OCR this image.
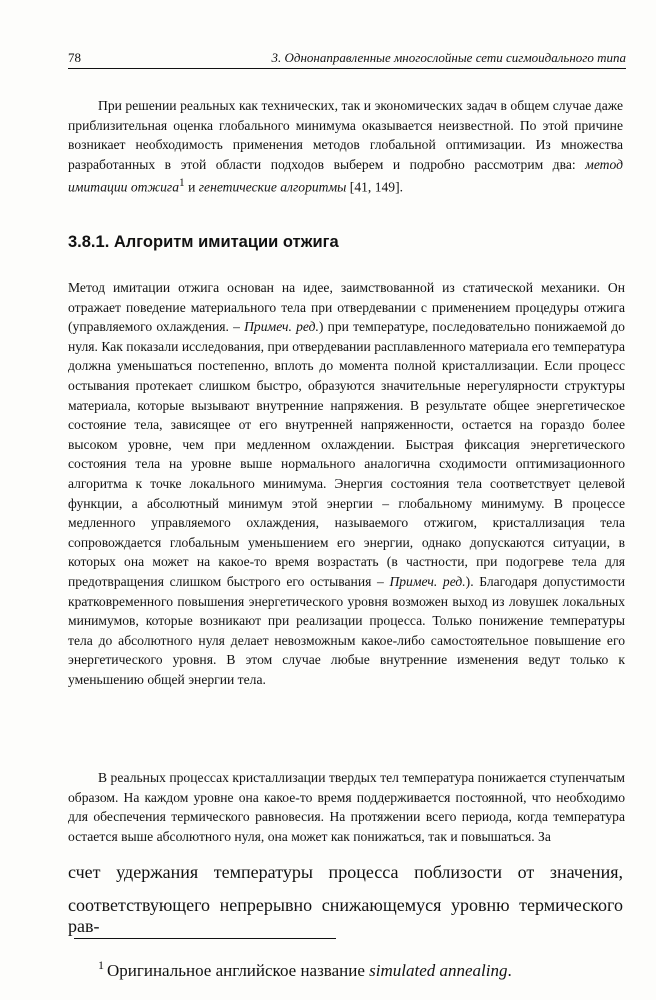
78	3. Однонаправленные многослойные сети сигмоидального типа

При решении реальных как технических, так и экономических задач в общем случае даже приблизительная оценка глобального минимума оказывается неизвестной. По этой причине возникает необходимость применения методов глобальной оптимизации. Из множества разработанных в этой области подходов выберем и подробно рассмотрим два: метод имитации отжига$^1$ и генетические алгоритмы [41, 149].

3.8.1. Алгоритм имитации отжига

Метод имитации отжига основан на идее, заимствованной из статической механики. Он отражает поведение материального тела при отвердевании с применением процедуры отжига (управляемого охлаждения. – Примеч. ред.) при температуре, последовательно понижаемой до нуля. Как показали исследования, при отвердевании расплавленного материала его температура должна уменьшаться постепенно, вплоть до момента полной кристаллизации. Если процесс остывания протекает слишком быстро, образуются значительные нерегулярности структуры материала, которые вызывают внутренние напряжения. В результате общее энергетическое состояние тела, зависящее от его внутренней напряженности, остается на гораздо более высоком уровне, чем при медленном охлаждении. Быстрая фиксация энергетического состояния тела на уровне выше нормального аналогична сходимости оптимизационного алгоритма к точке локального минимума. Энергия состояния тела соответствует целевой функции, а абсолютный минимум этой энергии – глобальному минимуму. В процессе медленного управляемого охлаждения, называемого отжигом, кристаллизация тела сопровождается глобальным уменьшением его энергии, однако допускаются ситуации, в которых она может на какое-то время возрастать (в частности, при подогреве тела для предотвращения слишком быстрого его остывания – Примеч. ред.). Благодаря допустимости кратковременного повышения энергетического уровня возможен выход из ловушек локальных минимумов, которые возникают при реализации процесса. Только понижение температуры тела до абсолютного нуля делает невозможным какое-либо самостоятельное повышение его энергетического уровня. В этом случае любые внутренние изменения ведут только к уменьшению общей энергии тела.

В реальных процессах кристаллизации твердых тел температура понижается ступенчатым образом. На каждом уровне она какое-то время поддерживается постоянной, что необходимо для обеспечения термического равновесия. На протяжении всего периода, когда температура остается выше абсолютного нуля, она может как понижаться, так и повышаться. За

счет удержания температуры процесса поблизости от значения,

соответствующего непрерывно снижающемуся уровню термического рав-

$^1$ Оригинальное английское название simulated annealing.
